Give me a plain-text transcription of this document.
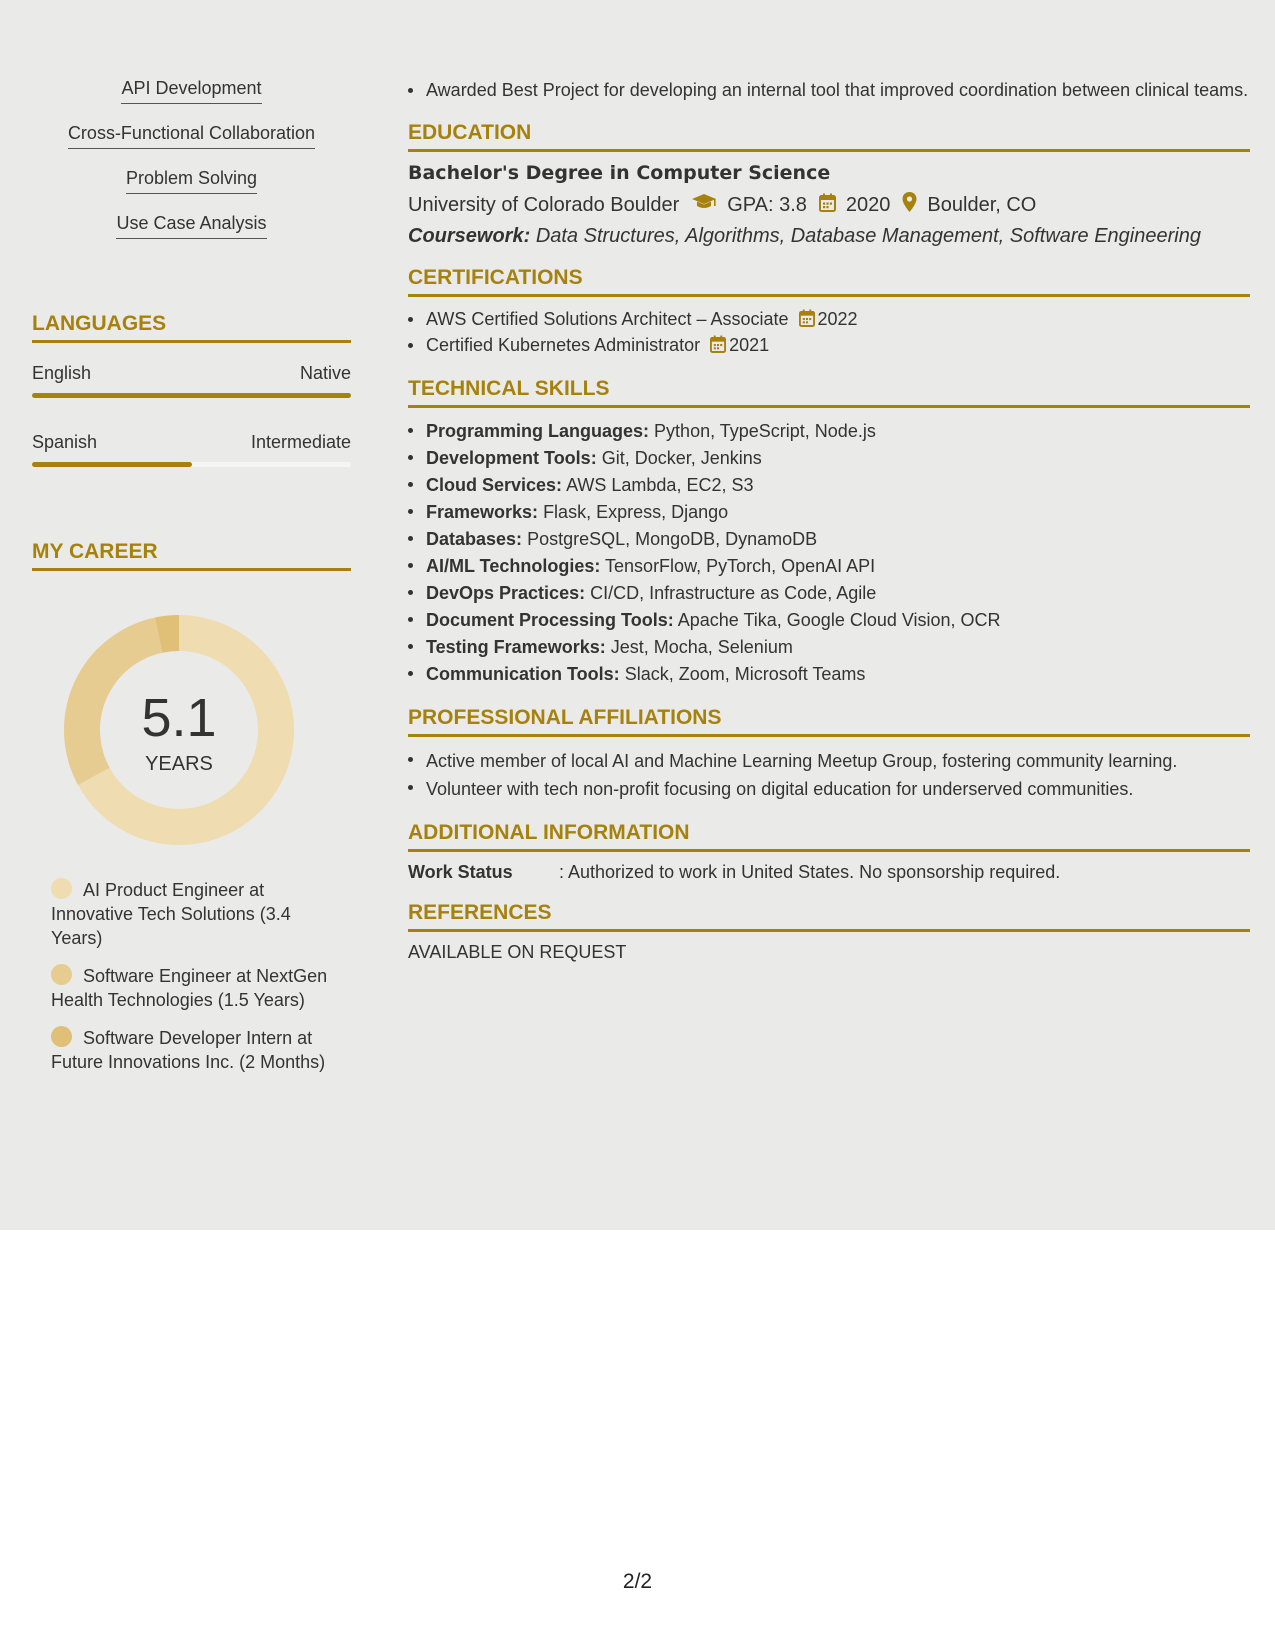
API Development
Cross-Functional Collaboration
Problem Solving
Use Case Analysis
LANGUAGES
English	Native
Spanish	Intermediate
MY CAREER
5.1
YEARS
AI Product Engineer at Innovative Tech Solutions (3.4 Years)
Software Engineer at NextGen Health Technologies (1.5 Years)
Software Developer Intern at Future Innovations Inc. (2 Months)
Awarded Best Project for developing an internal tool that improved coordination between clinical teams.
EDUCATION
Bachelor's Degree in Computer Science
University of Colorado Boulder GPA: 3.8 2020 Boulder, CO
Coursework: Data Structures, Algorithms, Database Management, Software Engineering
CERTIFICATIONS
AWS Certified Solutions Architect – Associate 2022
Certified Kubernetes Administrator 2021
TECHNICAL SKILLS
Programming Languages: Python, TypeScript, Node.js
Development Tools: Git, Docker, Jenkins
Cloud Services: AWS Lambda, EC2, S3
Frameworks: Flask, Express, Django
Databases: PostgreSQL, MongoDB, DynamoDB
AI/ML Technologies: TensorFlow, PyTorch, OpenAI API
DevOps Practices: CI/CD, Infrastructure as Code, Agile
Document Processing Tools: Apache Tika, Google Cloud Vision, OCR
Testing Frameworks: Jest, Mocha, Selenium
Communication Tools: Slack, Zoom, Microsoft Teams
PROFESSIONAL AFFILIATIONS
Active member of local AI and Machine Learning Meetup Group, fostering community learning.
Volunteer with tech non-profit focusing on digital education for underserved communities.
ADDITIONAL INFORMATION
Work Status	: Authorized to work in United States. No sponsorship required.
REFERENCES
AVAILABLE ON REQUEST
2/2
